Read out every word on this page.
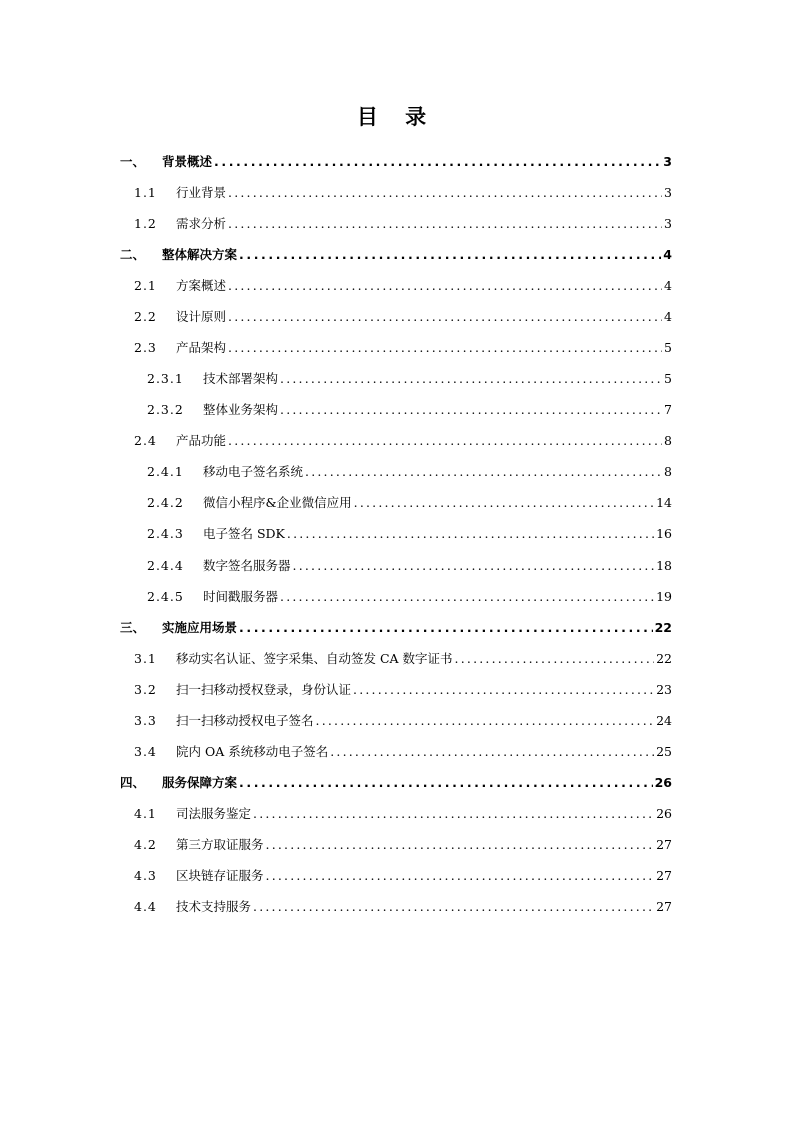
目 录
一、	背景概述 .....	3
1.1	行业背景 .....	3
1.2	需求分析 .....	3
二、	整体解决方案 .....	4
2.1	方案概述 .....	4
2.2	设计原则 .....	4
2.3	产品架构 .....	5
2.3.1	技术部署架构 .....	5
2.3.2	整体业务架构 .....	7
2.4	产品功能 .....	8
2.4.1	移动电子签名系统 .....	8
2.4.2	微信小程序&企业微信应用 .....	14
2.4.3	电子签名 SDK .....	16
2.4.4	数字签名服务器 .....	18
2.4.5	时间戳服务器 .....	19
三、	实施应用场景 .....	22
3.1	移动实名认证、签字采集、自动签发 CA 数字证书 .....	22
3.2	扫一扫移动授权登录，身份认证 .....	23
3.3	扫一扫移动授权电子签名 .....	24
3.4	院内 OA 系统移动电子签名 .....	25
四、	服务保障方案 .....	26
4.1	司法服务鉴定 .....	26
4.2	第三方取证服务 .....	27
4.3	区块链存证服务 .....	27
4.4	技术支持服务 .....	27
